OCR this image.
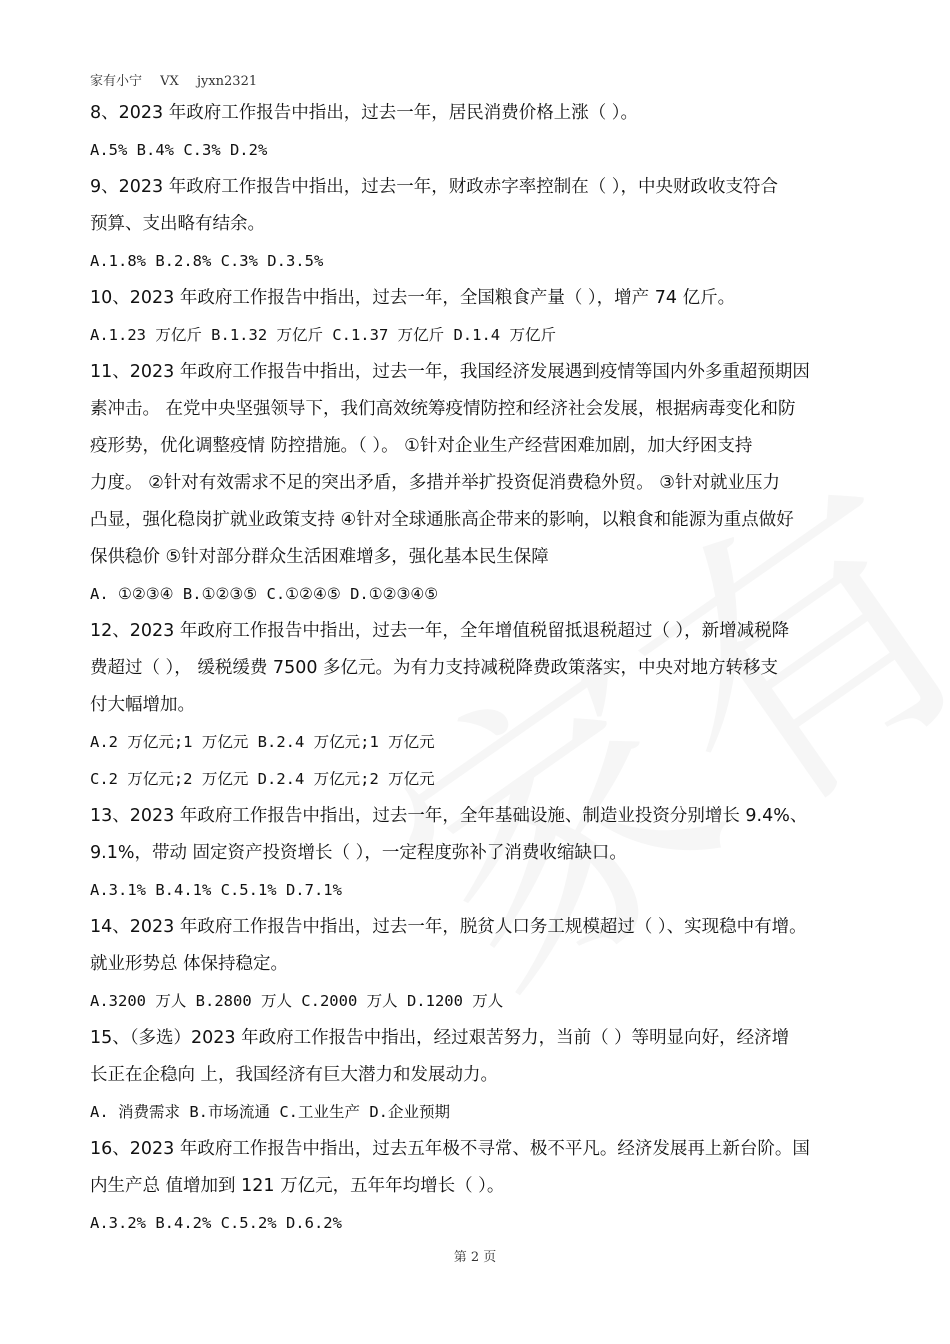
家有小宁 VX jyxn2321
8、2023 年政府工作报告中指出，过去一年，居民消费价格上涨（ ）。
A.5% B.4% C.3% D.2%
9、2023 年政府工作报告中指出，过去一年，财政赤字率控制在（ ），中央财政收支符合
预算、支出略有结余。
A.1.8% B.2.8% C.3% D.3.5%
10、2023 年政府工作报告中指出，过去一年，全国粮食产量（ ），增产 74 亿斤。
A.1.23 万亿斤 B.1.32 万亿斤 C.1.37 万亿斤 D.1.4 万亿斤
11、2023 年政府工作报告中指出，过去一年，我国经济发展遇到疫情等国内外多重超预期因
素冲击。 在党中央坚强领导下，我们高效统筹疫情防控和经济社会发展，根据病毒变化和防
疫形势，优化调整疫情 防控措施。（ ）。 ①针对企业生产经营困难加剧，加大纾困支持
力度。 ②针对有效需求不足的突出矛盾，多措并举扩投资促消费稳外贸。 ③针对就业压力
凸显，强化稳岗扩就业政策支持 ④针对全球通胀高企带来的影响，以粮食和能源为重点做好
保供稳价 ⑤针对部分群众生活困难增多，强化基本民生保障
A. ①②③④ B.①②③⑤ C.①②④⑤ D.①②③④⑤
12、2023 年政府工作报告中指出，过去一年，全年增值税留抵退税超过（ ），新增减税降
费超过（ ）， 缓税缓费 7500 多亿元。为有力支持减税降费政策落实，中央对地方转移支
付大幅增加。
A.2 万亿元;1 万亿元 B.2.4 万亿元;1 万亿元
C.2 万亿元;2 万亿元 D.2.4 万亿元;2 万亿元
13、2023 年政府工作报告中指出，过去一年，全年基础设施、制造业投资分别增长 9.4%、
9.1%，带动 固定资产投资增长（ ），一定程度弥补了消费收缩缺口。
A.3.1% B.4.1% C.5.1% D.7.1%
14、2023 年政府工作报告中指出，过去一年，脱贫人口务工规模超过（ ）、实现稳中有增。
就业形势总 体保持稳定。
A.3200 万人 B.2800 万人 C.2000 万人 D.1200 万人
15、（多选）2023 年政府工作报告中指出，经过艰苦努力，当前（ ）等明显向好，经济增
长正在企稳向 上，我国经济有巨大潜力和发展动力。
A. 消费需求 B.市场流通 C.工业生产 D.企业预期
16、2023 年政府工作报告中指出，过去五年极不寻常、极不平凡。经济发展再上新台阶。国
内生产总 值增加到 121 万亿元，五年年均增长（ ）。
A.3.2% B.4.2% C.5.2% D.6.2%
第 2 页
